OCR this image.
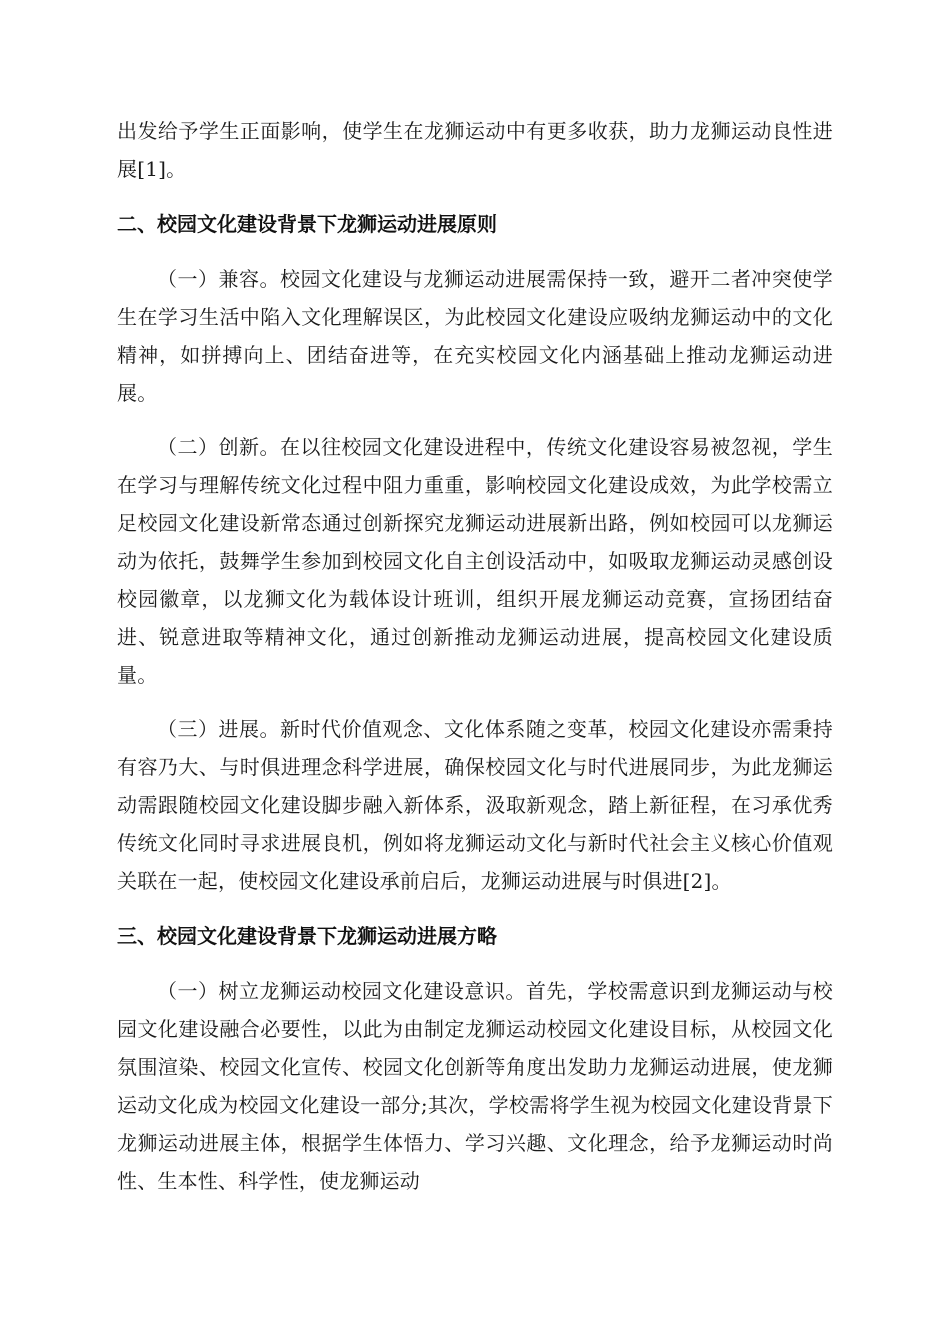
出发给予学生正面影响，使学生在龙狮运动中有更多收获，助力龙狮运动良性进展[1]。

二、校园文化建设背景下龙狮运动进展原则

（一）兼容。校园文化建设与龙狮运动进展需保持一致，避开二者冲突使学生在学习生活中陷入文化理解误区，为此校园文化建设应吸纳龙狮运动中的文化精神，如拼搏向上、团结奋进等，在充实校园文化内涵基础上推动龙狮运动进展。

（二）创新。在以往校园文化建设进程中，传统文化建设容易被忽视，学生在学习与理解传统文化过程中阻力重重，影响校园文化建设成效，为此学校需立足校园文化建设新常态通过创新探究龙狮运动进展新出路，例如校园可以龙狮运动为依托，鼓舞学生参加到校园文化自主创设活动中，如吸取龙狮运动灵感创设校园徽章，以龙狮文化为载体设计班训，组织开展龙狮运动竞赛，宣扬团结奋进、锐意进取等精神文化，通过创新推动龙狮运动进展，提高校园文化建设质量。

（三）进展。新时代价值观念、文化体系随之变革，校园文化建设亦需秉持有容乃大、与时俱进理念科学进展，确保校园文化与时代进展同步，为此龙狮运动需跟随校园文化建设脚步融入新体系，汲取新观念，踏上新征程，在习承优秀传统文化同时寻求进展良机，例如将龙狮运动文化与新时代社会主义核心价值观关联在一起，使校园文化建设承前启后，龙狮运动进展与时俱进[2]。

三、校园文化建设背景下龙狮运动进展方略

（一）树立龙狮运动校园文化建设意识。首先，学校需意识到龙狮运动与校园文化建设融合必要性，以此为由制定龙狮运动校园文化建设目标，从校园文化氛围渲染、校园文化宣传、校园文化创新等角度出发助力龙狮运动进展，使龙狮运动文化成为校园文化建设一部分;其次，学校需将学生视为校园文化建设背景下龙狮运动进展主体，根据学生体悟力、学习兴趣、文化理念，给予龙狮运动时尚性、生本性、科学性，使龙狮运动
